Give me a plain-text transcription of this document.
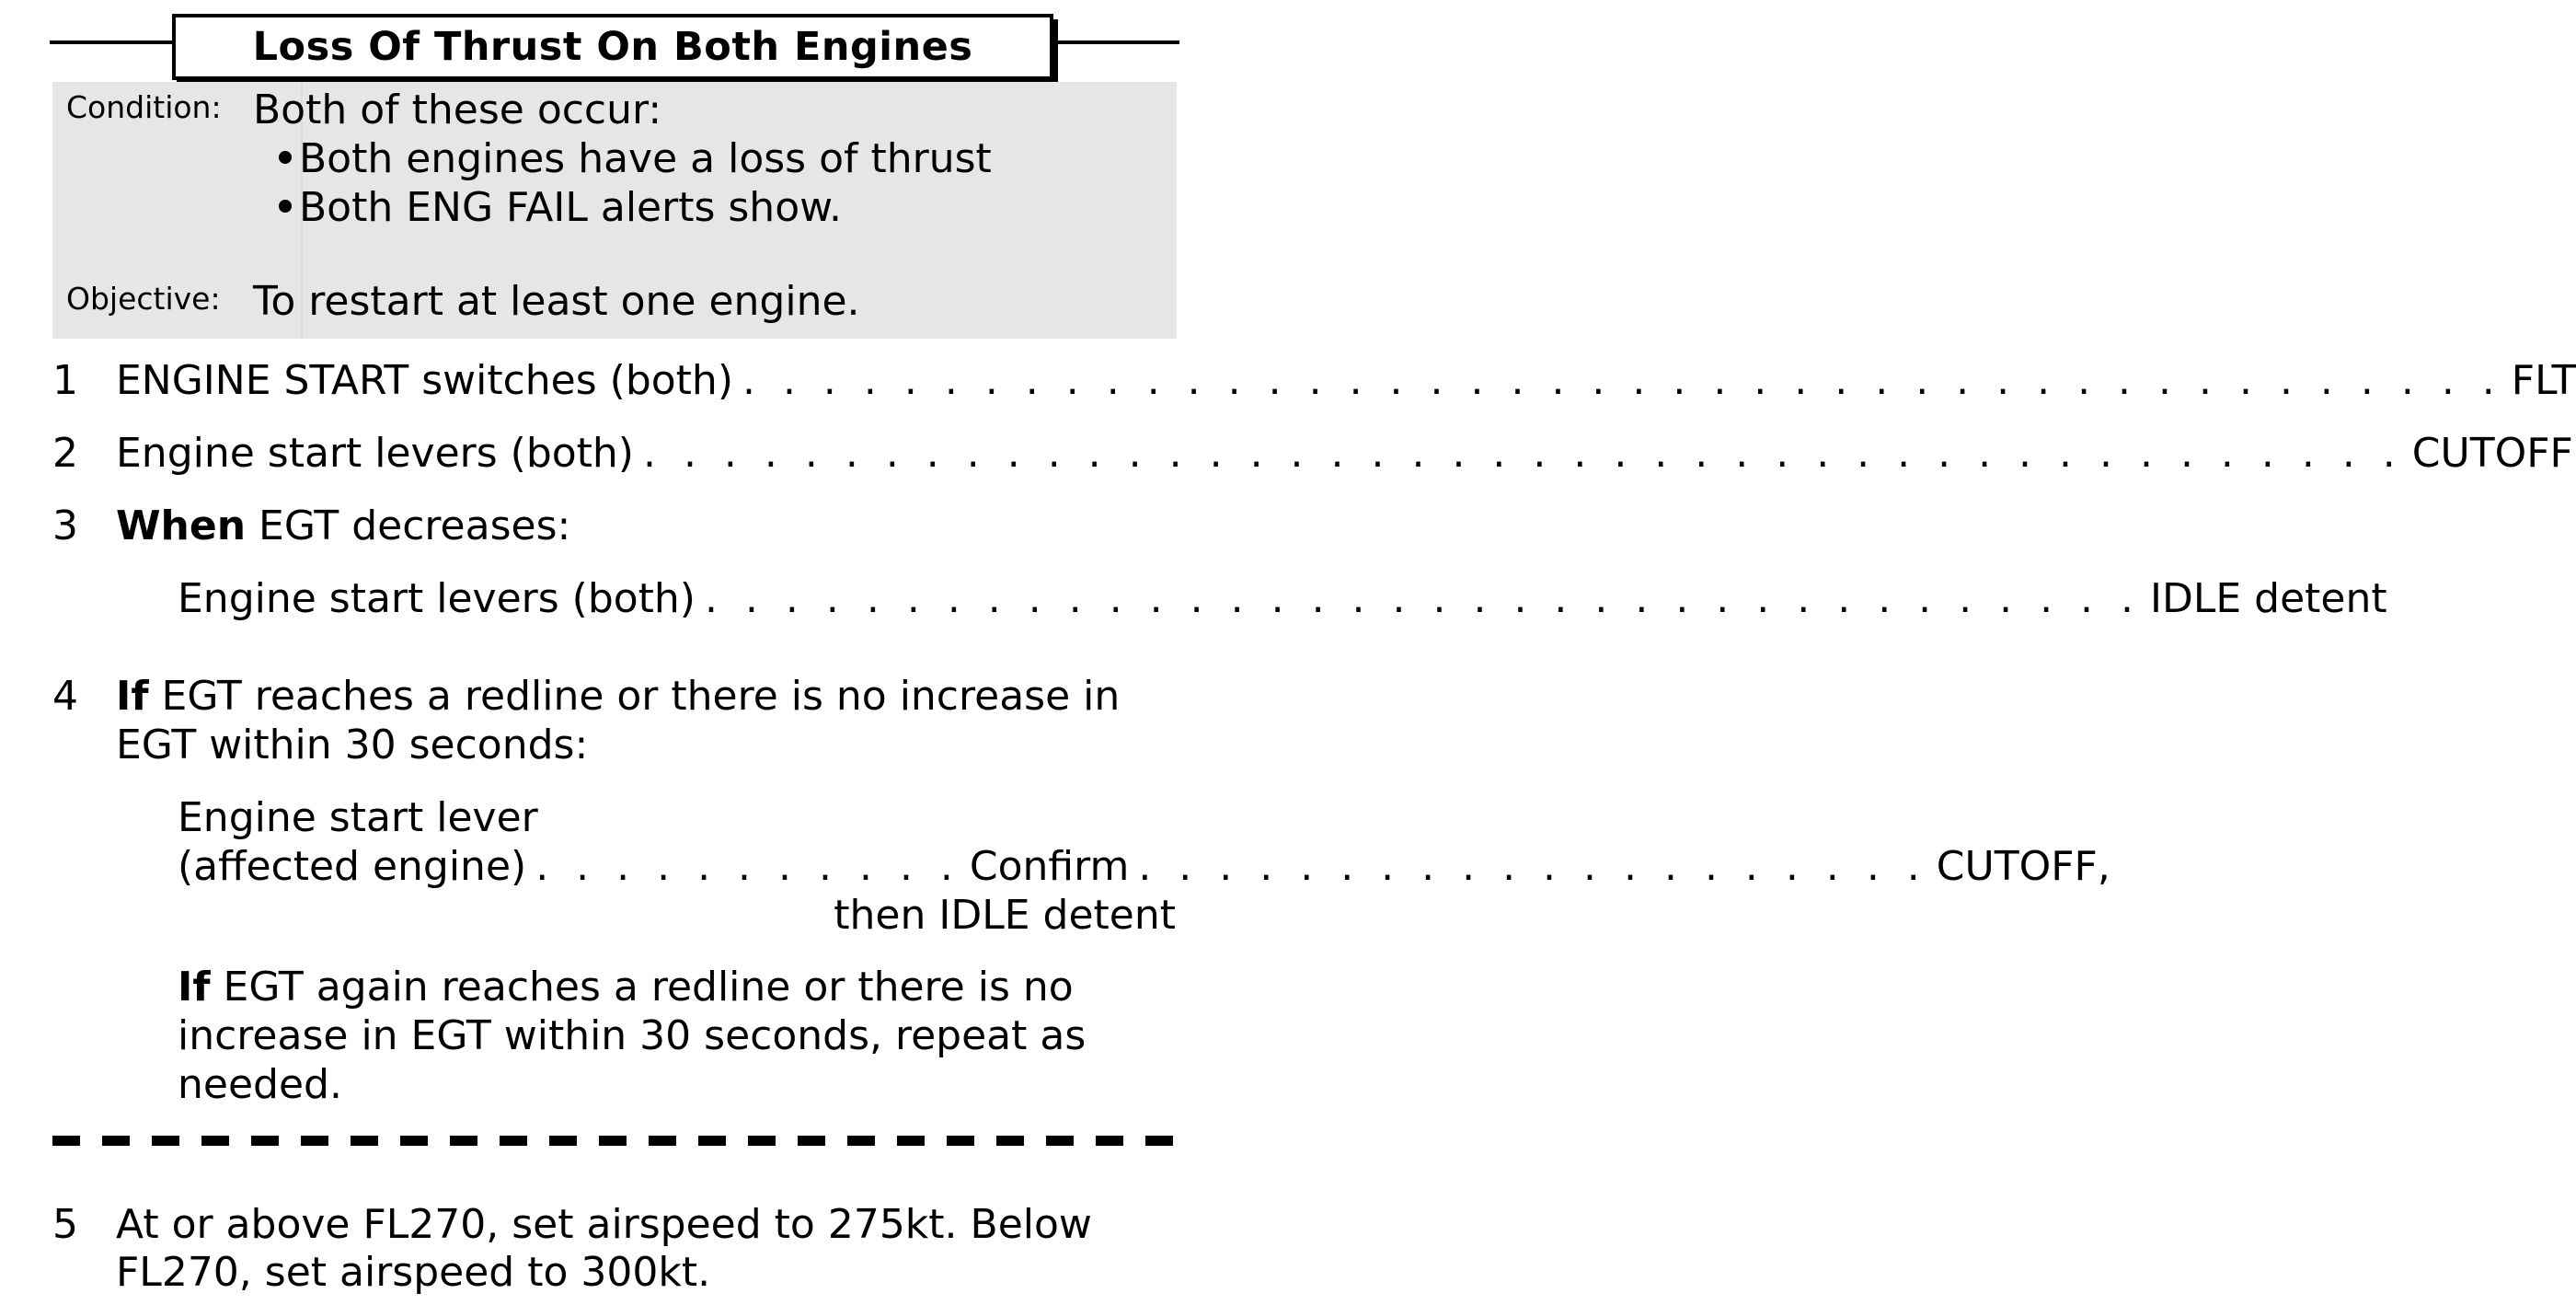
Loss Of Thrust On Both Engines
Condition: Both of these occur:
Both engines have a loss of thrust
Both ENG FAIL alerts show.
Objective: To restart at least one engine.
1 ENGINE START switches (both) . . . . . . . . . . . . . . . . . . . . . . . . . . . . . . . . . . . . . . . . . . . . FLT
2 Engine start levers (both) . . . . . . . . . . . . . . . . . . . . . . . . . . . . . . . . . . . . . . . . . . . . CUTOFF
3 When EGT decreases:
Engine start levers (both) . . . . . . . . . . . . . . . . . . . . . . . . . . . . . . . . . . . . IDLE detent
4 If EGT reaches a redline or there is no increase in
EGT within 30 seconds:
Engine start lever
(affected engine) . . . . . . . . . . . Confirm . . . . . . . . . . . . . . . . . . . . CUTOFF,
then IDLE detent
If EGT again reaches a redline or there is no
increase in EGT within 30 seconds, repeat as
needed.
5 At or above FL270, set airspeed to 275kt. Below
FL270, set airspeed to 300kt.
